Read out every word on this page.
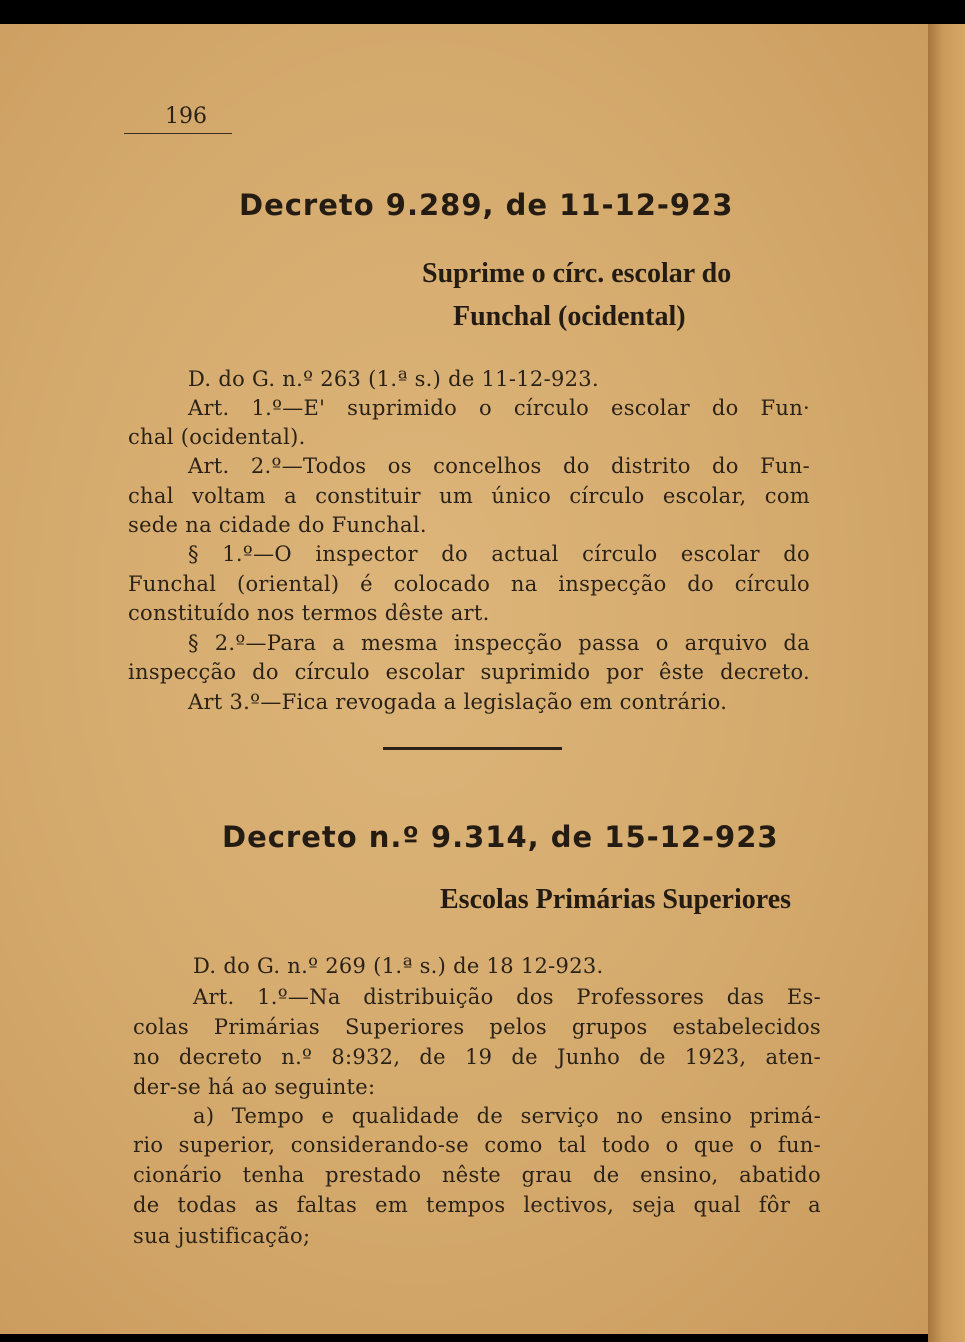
196
Decreto 9.289, de 11-12-923
Suprime o círc. escolar do
Funchal (ocidental)
D. do G. n.º 263 (1.ª s.) de 11-12-923.
Art. 1.º—E' suprimido o círculo escolar do Fun·
chal (ocidental).
Art. 2.º—Todos os concelhos do distrito do Fun-
chal voltam a constituir um único círculo escolar, com
sede na cidade do Funchal.
§ 1.º—O inspector do actual círculo escolar do
Funchal (oriental) é colocado na inspecção do círculo
constituído nos termos dêste art.
§ 2.º—Para a mesma inspecção passa o arquivo da
inspecção do círculo escolar suprimido por êste decreto.
Art 3.º—Fica revogada a legislação em contrário.
Decreto n.º 9.314, de 15-12-923
Escolas Primárias Superiores
D. do G. n.º 269 (1.ª s.) de 18 12-923.
Art. 1.º—Na distribuição dos Professores das Es-
colas Primárias Superiores pelos grupos estabelecidos
no decreto n.º 8:932, de 19 de Junho de 1923, aten-
der-se há ao seguinte:
a) Tempo e qualidade de serviço no ensino primá-
rio superior, considerando-se como tal todo o que o fun-
cionário tenha prestado nêste grau de ensino, abatido
de todas as faltas em tempos lectivos, seja qual fôr a
sua justificação;
